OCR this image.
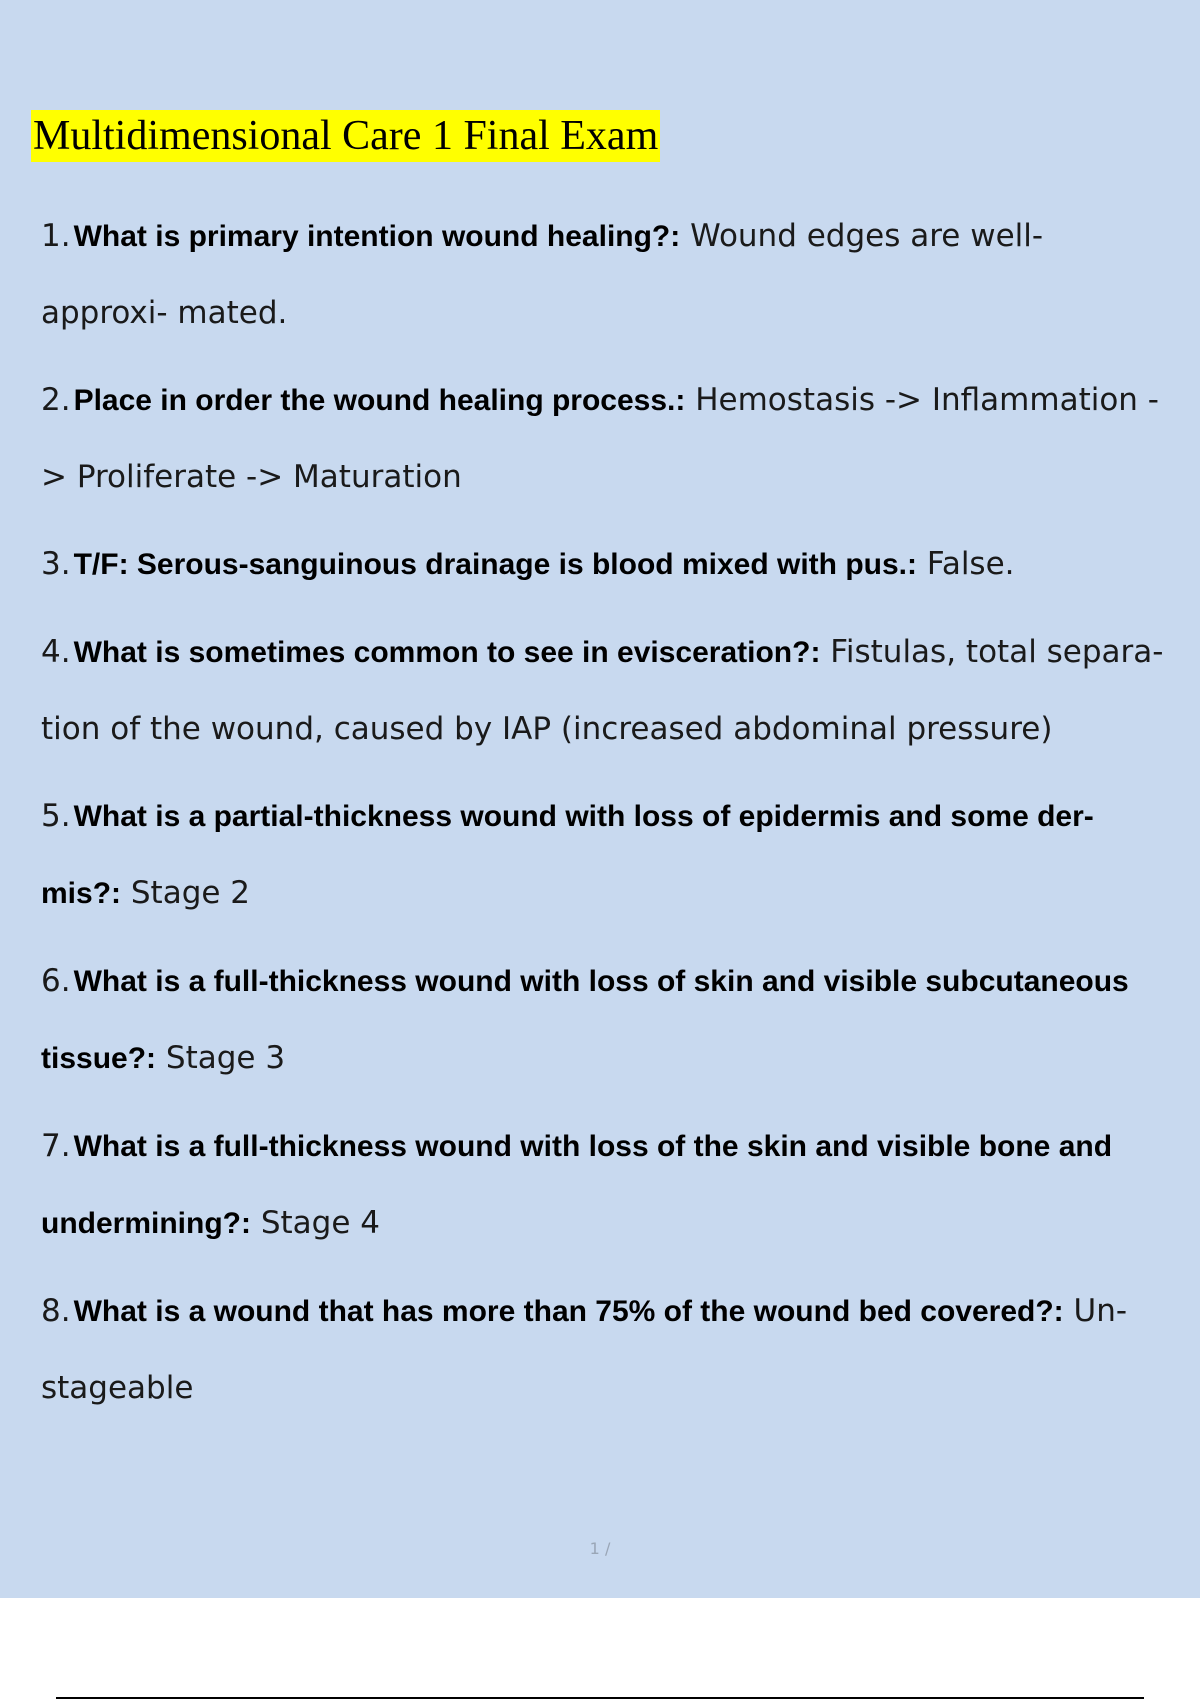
Multidimensional Care 1 Final Exam
1. What is primary intention wound healing?: Wound edges are well- approxi- mated.
2. Place in order the wound healing process.: Hemostasis -> Inflammation -> Proliferate -> Maturation
3. T/F: Serous-sanguinous drainage is blood mixed with pus.: False.
4. What is sometimes common to see in evisceration?: Fistulas, total separa- tion of the wound, caused by IAP (increased abdominal pressure)
5. What is a partial-thickness wound with loss of epidermis and some der- mis?: Stage 2
6. What is a full-thickness wound with loss of skin and visible subcutaneous tissue?: Stage 3
7. What is a full-thickness wound with loss of the skin and visible bone and undermining?: Stage 4
8. What is a wound that has more than 75% of the wound bed covered?: Un- stageable
1 /
